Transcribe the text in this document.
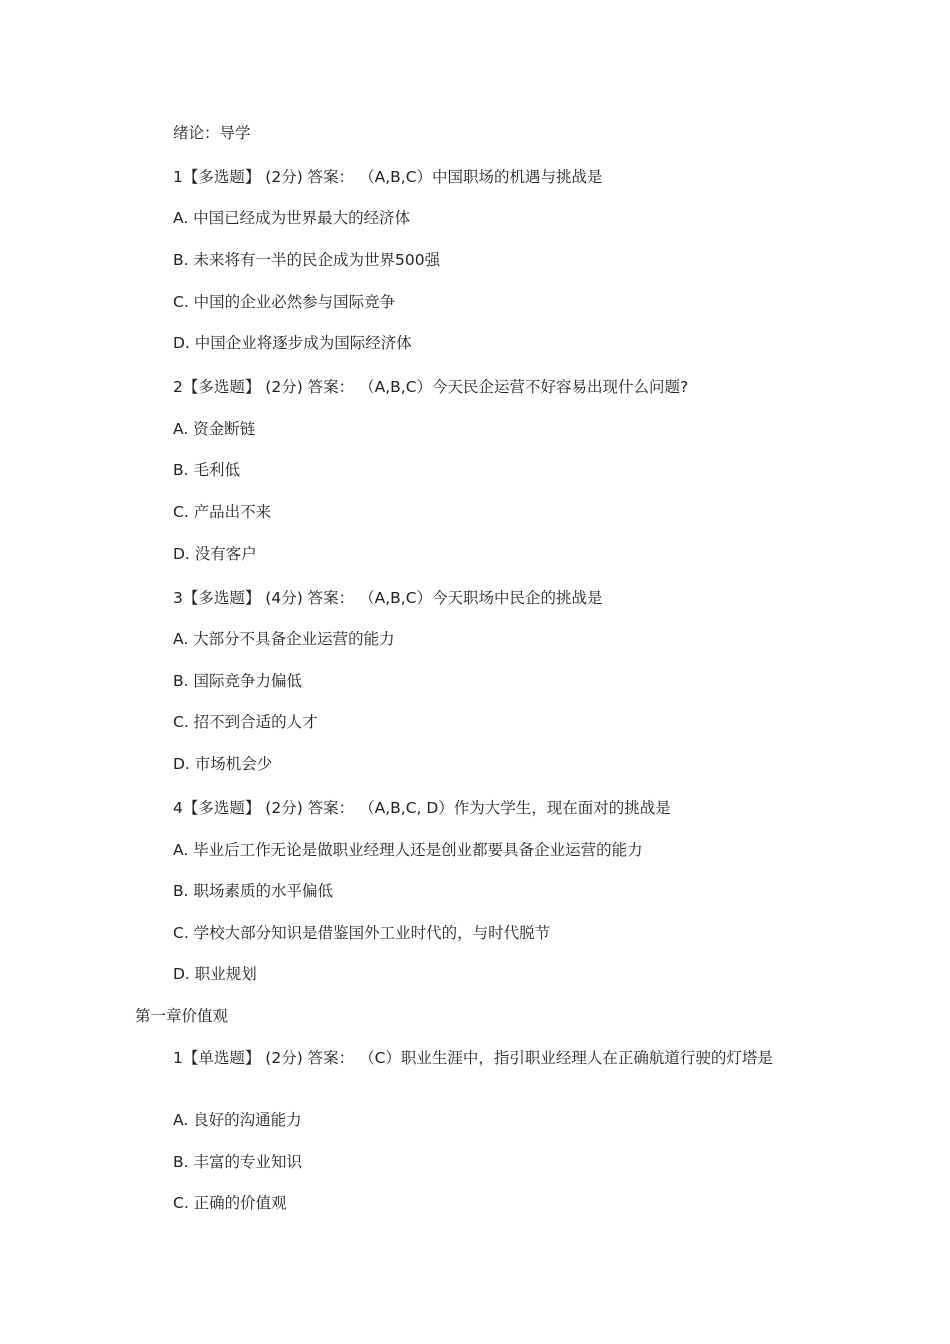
绪论：导学
1【多选题】 (2分) 答案： （A,B,C）中国职场的机遇与挑战是
A. 中国已经成为世界最大的经济体
B. 未来将有一半的民企成为世界500强
C. 中国的企业必然参与国际竞争
D. 中国企业将逐步成为国际经济体
2【多选题】 (2分) 答案： （A,B,C）今天民企运营不好容易出现什么问题?
A. 资金断链
B. 毛利低
C. 产品出不来
D. 没有客户
3【多选题】 (4分) 答案： （A,B,C）今天职场中民企的挑战是
A. 大部分不具备企业运营的能力
B. 国际竞争力偏低
C. 招不到合适的人才
D. 市场机会少
4【多选题】 (2分) 答案： （A,B,C, D）作为大学生，现在面对的挑战是
A. 毕业后工作无论是做职业经理人还是创业都要具备企业运营的能力
B. 职场素质的水平偏低
C. 学校大部分知识是借鉴国外工业时代的，与时代脱节
D. 职业规划
第一章价值观
1【单选题】 (2分) 答案： （C）职业生涯中，指引职业经理人在正确航道行驶的灯塔是
A. 良好的沟通能力
B. 丰富的专业知识
C. 正确的价值观
